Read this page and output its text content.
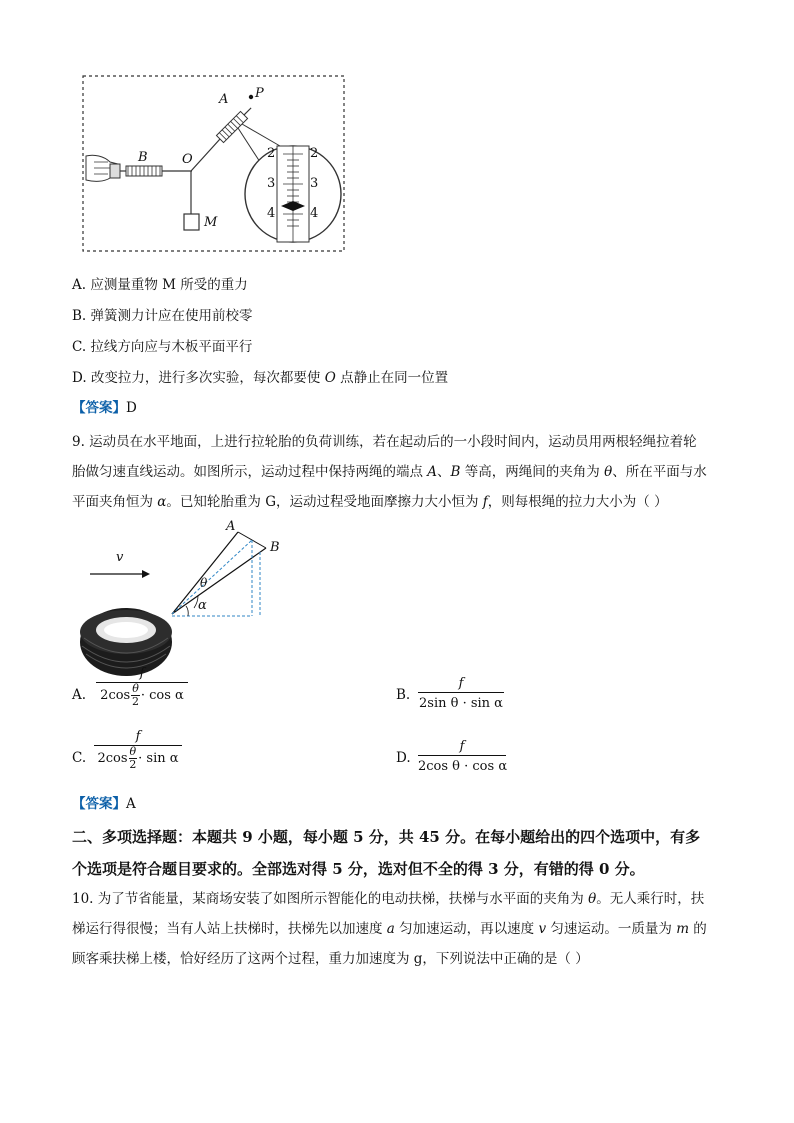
A P
B	O
M
2
3
4
2
3
4
A. 应测量重物 M 所受的重力
B. 弹簧测力计应在使用前校零
C. 拉线方向应与木板平面平行
D. 改变拉力，进行多次实验，每次都要使 O 点静止在同一位置
【答案】D
9. 运动员在水平地面，上进行拉轮胎的负荷训练，若在起动后的一小段时间内，运动员用两根轻绳拉着轮
胎做匀速直线运动。如图所示，运动过程中保持两绳的端点 A、B 等高，两绳间的夹角为 θ、所在平面与水
平面夹角恒为 α。已知轮胎重为 G，运动过程受地面摩擦力大小恒为 f，则每根绳的拉力大小为（ ）
A
B
v
θ
α
A.
f
$2\cos \frac{\theta}{2} \cdot \cos \alpha$	B.
f
2sin θ · sin α
C.
f
$2\cos \frac{\theta}{2} \cdot \sin \alpha$	D.
f
2cos θ · cos α
【答案】A
二、多项选择题：本题共 9 小题，每小题 5 分，共 45 分。在每小题给出的四个选项中，有多
个选项是符合题目要求的。全部选对得 5 分，选对但不全的得 3 分，有错的得 0 分。
10. 为了节省能量，某商场安装了如图所示智能化的电动扶梯，扶梯与水平面的夹角为 θ。无人乘行时，扶
梯运行得很慢；当有人站上扶梯时，扶梯先以加速度 a 匀加速运动，再以速度 v 匀速运动。一质量为 m 的
顾客乘扶梯上楼，恰好经历了这两个过程，重力加速度为 g，下列说法中正确的是（ ）
